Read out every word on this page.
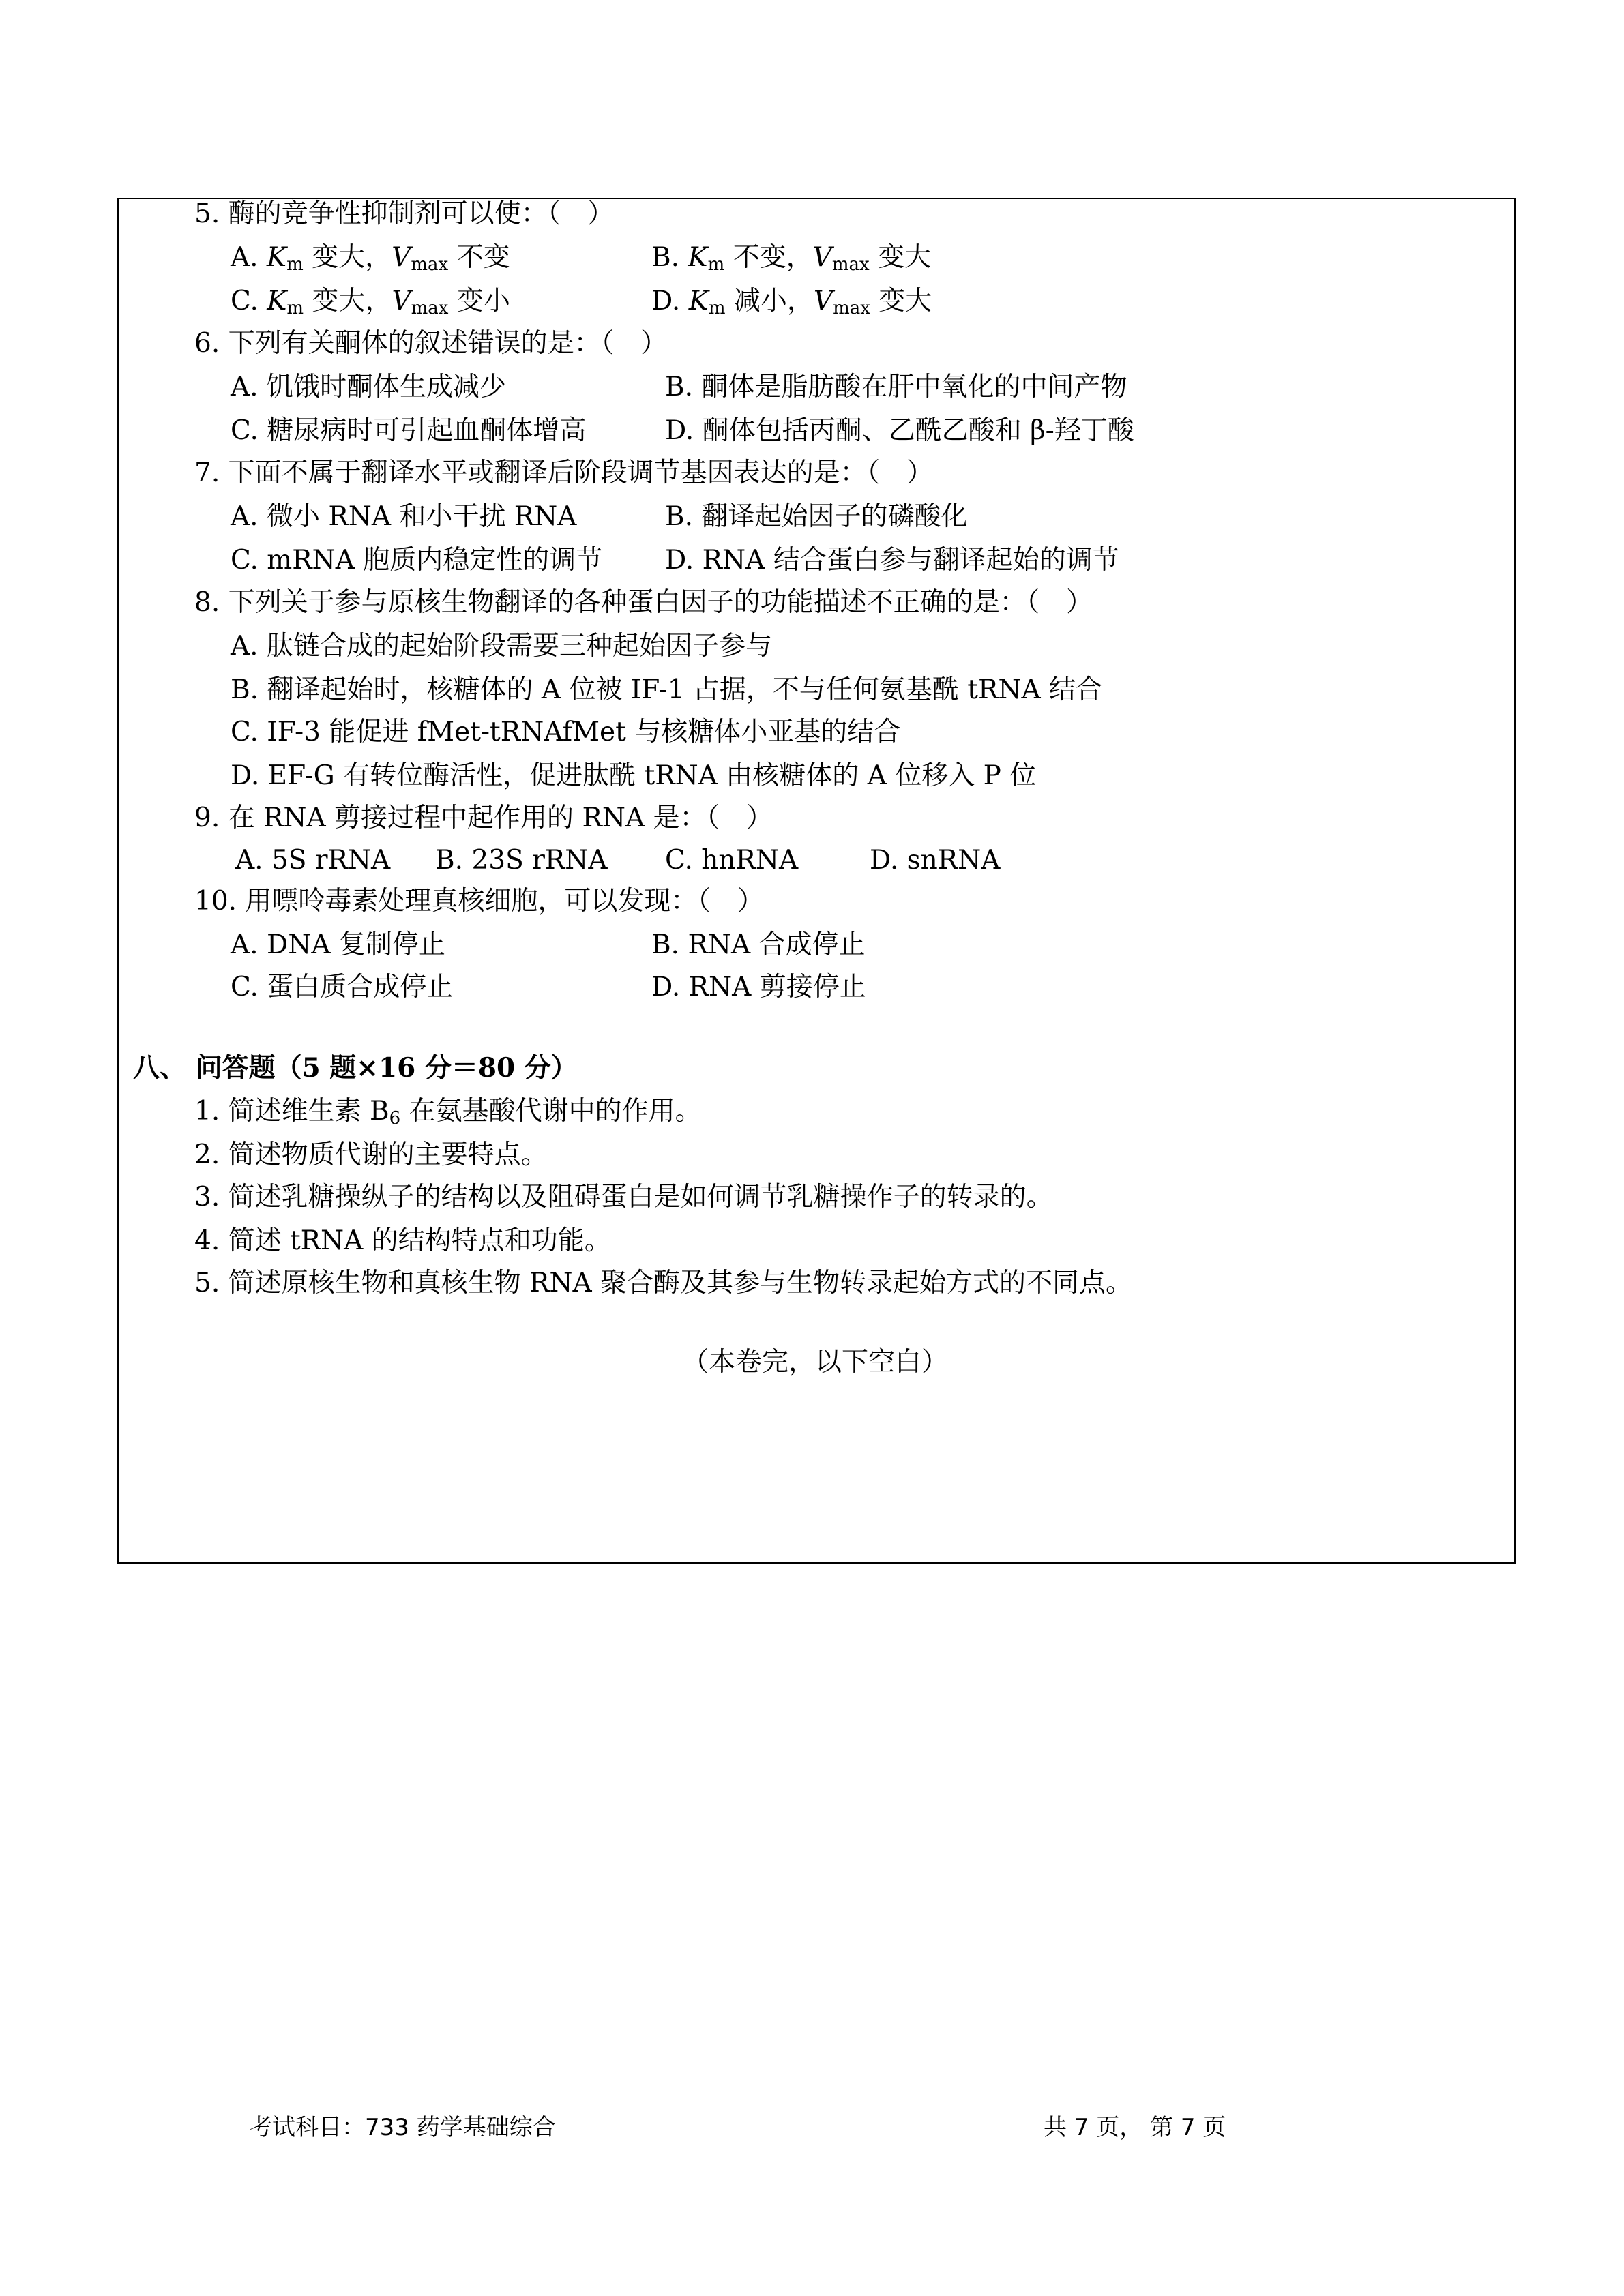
5. 酶的竞争性抑制剂可以使：（　）
A. $K_m$ 变大，$V_{max}$ 不变	B. $K_m$ 不变，$V_{max}$ 变大
C. $K_m$ 变大，$V_{max}$ 变小	D. $K_m$ 减小，$V_{max}$ 变大
6. 下列有关酮体的叙述错误的是：（　）
A. 饥饿时酮体生成减少	B. 酮体是脂肪酸在肝中氧化的中间产物
C. 糖尿病时可引起血酮体增高	D. 酮体包括丙酮、乙酰乙酸和 β-羟丁酸
7. 下面不属于翻译水平或翻译后阶段调节基因表达的是：（　）
A. 微小 RNA 和小干扰 RNA	B. 翻译起始因子的磷酸化
C. mRNA 胞质内稳定性的调节 D. RNA 结合蛋白参与翻译起始的调节
8. 下列关于参与原核生物翻译的各种蛋白因子的功能描述不正确的是：（　）
A. 肽链合成的起始阶段需要三种起始因子参与
B. 翻译起始时，核糖体的 A 位被 IF-1 占据，不与任何氨基酰 tRNA 结合
C. IF-3 能促进 fMet-tRNAfMet 与核糖体小亚基的结合
D. EF-G 有转位酶活性，促进肽酰 tRNA 由核糖体的 A 位移入 P 位
9. 在 RNA 剪接过程中起作用的 RNA 是：（　）
A. 5S rRNA B. 23S rRNA C. hnRNA	D. snRNA
10. 用嘌呤毒素处理真核细胞，可以发现：（　）
A. DNA 复制停止	B. RNA 合成停止
C. 蛋白质合成停止	D. RNA 剪接停止
八、 问答题（5 题×16 分＝80 分）
1. 简述维生素 $B_6$ 在氨基酸代谢中的作用。
2. 简述物质代谢的主要特点。
3. 简述乳糖操纵子的结构以及阻碍蛋白是如何调节乳糖操作子的转录的。
4. 简述 tRNA 的结构特点和功能。
5. 简述原核生物和真核生物 RNA 聚合酶及其参与生物转录起始方式的不同点。
（本卷完，以下空白）
考试科目：733 药学基础综合	共 7 页， 第 7 页
